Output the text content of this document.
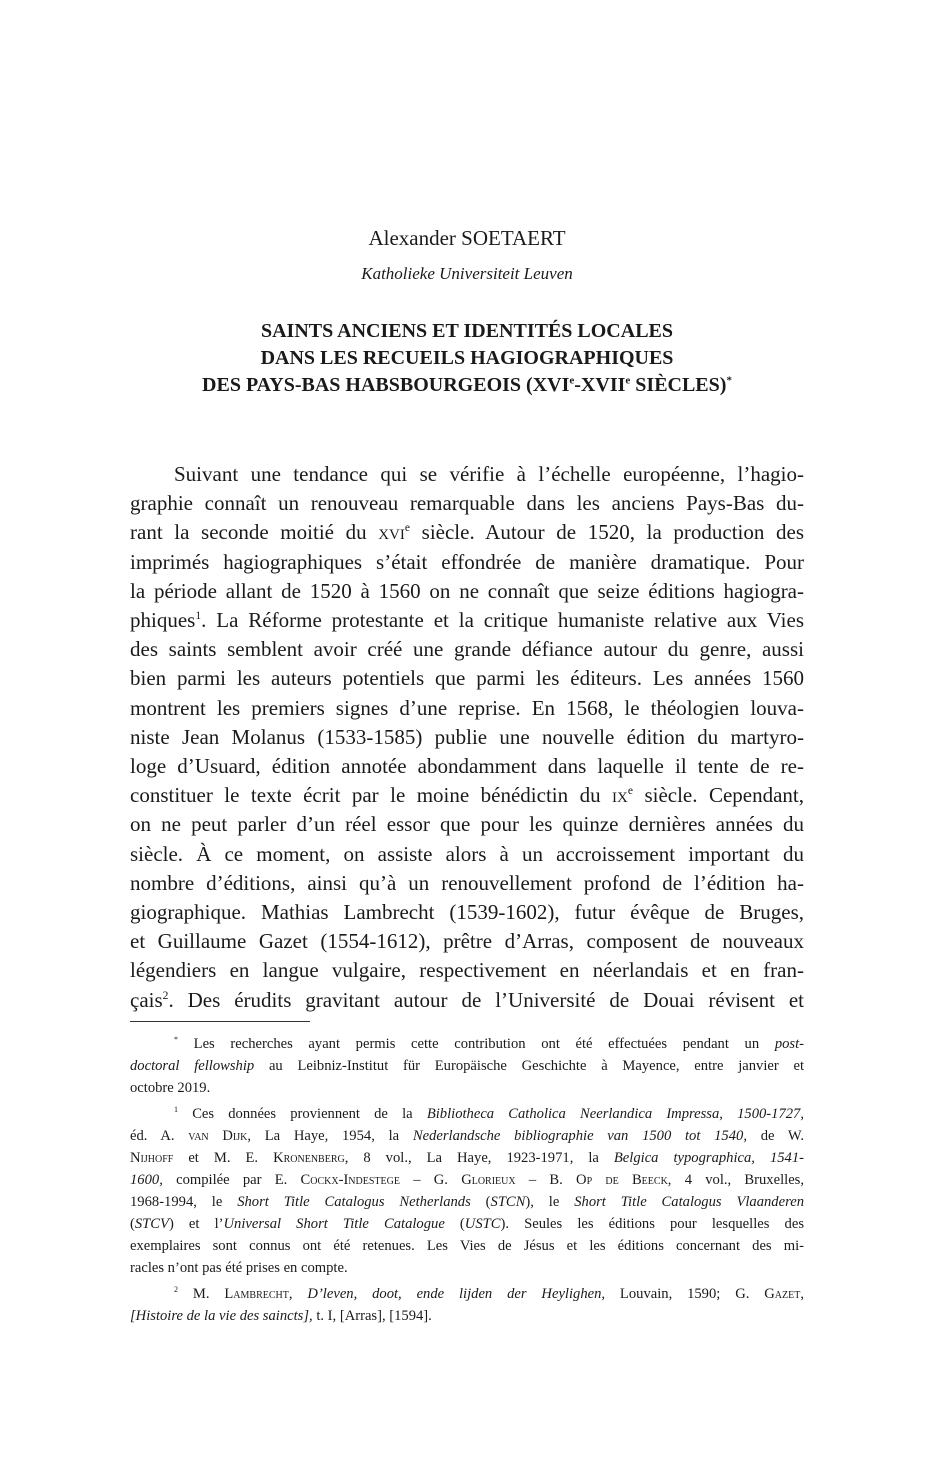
Alexander SOETAERT
Katholieke Universiteit Leuven
SAINTS ANCIENS ET IDENTITÉS LOCALES
DANS LES RECUEILS HAGIOGRAPHIQUES
DES PAYS-BAS HABSBOURGEOIS (XVIe-XVIIe SIÈCLES)*
Suivant une tendance qui se vérifie à l’échelle européenne, l’hagio-
graphie connaît un renouveau remarquable dans les anciens Pays-Bas du-
rant la seconde moitié du xvi$^e$ siècle. Autour de 1520, la production des
imprimés hagiographiques s’était effondrée de manière dramatique. Pour
la période allant de 1520 à 1560 on ne connaît que seize éditions hagiogra-
phiques$^1$. La Réforme protestante et la critique humaniste relative aux Vies
des saints semblent avoir créé une grande défiance autour du genre, aussi
bien parmi les auteurs potentiels que parmi les éditeurs. Les années 1560
montrent les premiers signes d’une reprise. En 1568, le théologien louva-
niste Jean Molanus (1533-1585) publie une nouvelle édition du martyro-
loge d’Usuard, édition annotée abondamment dans laquelle il tente de re-
constituer le texte écrit par le moine bénédictin du $ix^e$ siècle. Cependant,
on ne peut parler d’un réel essor que pour les quinze dernières années du
siècle. À ce moment, on assiste alors à un accroissement important du
nombre d’éditions, ainsi qu’à un renouvellement profond de l’édition ha-
giographique. Mathias Lambrecht (1539-1602), futur évêque de Bruges,
et Guillaume Gazet (1554-1612), prêtre d’Arras, composent de nouveaux
légendiers en langue vulgaire, respectivement en néerlandais et en fran-
çais$^2$. Des érudits gravitant autour de l’Université de Douai révisent et
* Les recherches ayant permis cette contribution ont été effectuées pendant un post-
doctoral fellowship au Leibniz-Institut für Europäische Geschichte à Mayence, entre janvier et
octobre 2019.
$^1$ Ces données proviennent de la Bibliotheca Catholica Neerlandica Impressa, 1500-1727,
éd. A. van Dijk, La Haye, 1954, la Nederlandsche bibliographie van 1500 tot 1540, de W.
Nijhoff et M. E. Kronenberg, 8 vol., La Haye, 1923-1971, la Belgica typographica, 1541-
1600, compilée par E. Cockx-Indestege – G. Glorieux – B. Op de Beeck, 4 vol., Bruxelles,
1968-1994, le Short Title Catalogus Netherlands (STCN), le Short Title Catalogus Vlaanderen
(STCV) et l’Universal Short Title Catalogue (USTC). Seules les éditions pour lesquelles des
exemplaires sont connus ont été retenues. Les Vies de Jésus et les éditions concernant des mi-
racles n’ont pas été prises en compte.
$^2$ M. Lambrecht, D’leven, doot, ende lijden der Heylighen, Louvain, 1590; G. Gazet,
[Histoire de la vie des saincts], t. I, [Arras], [1594].
